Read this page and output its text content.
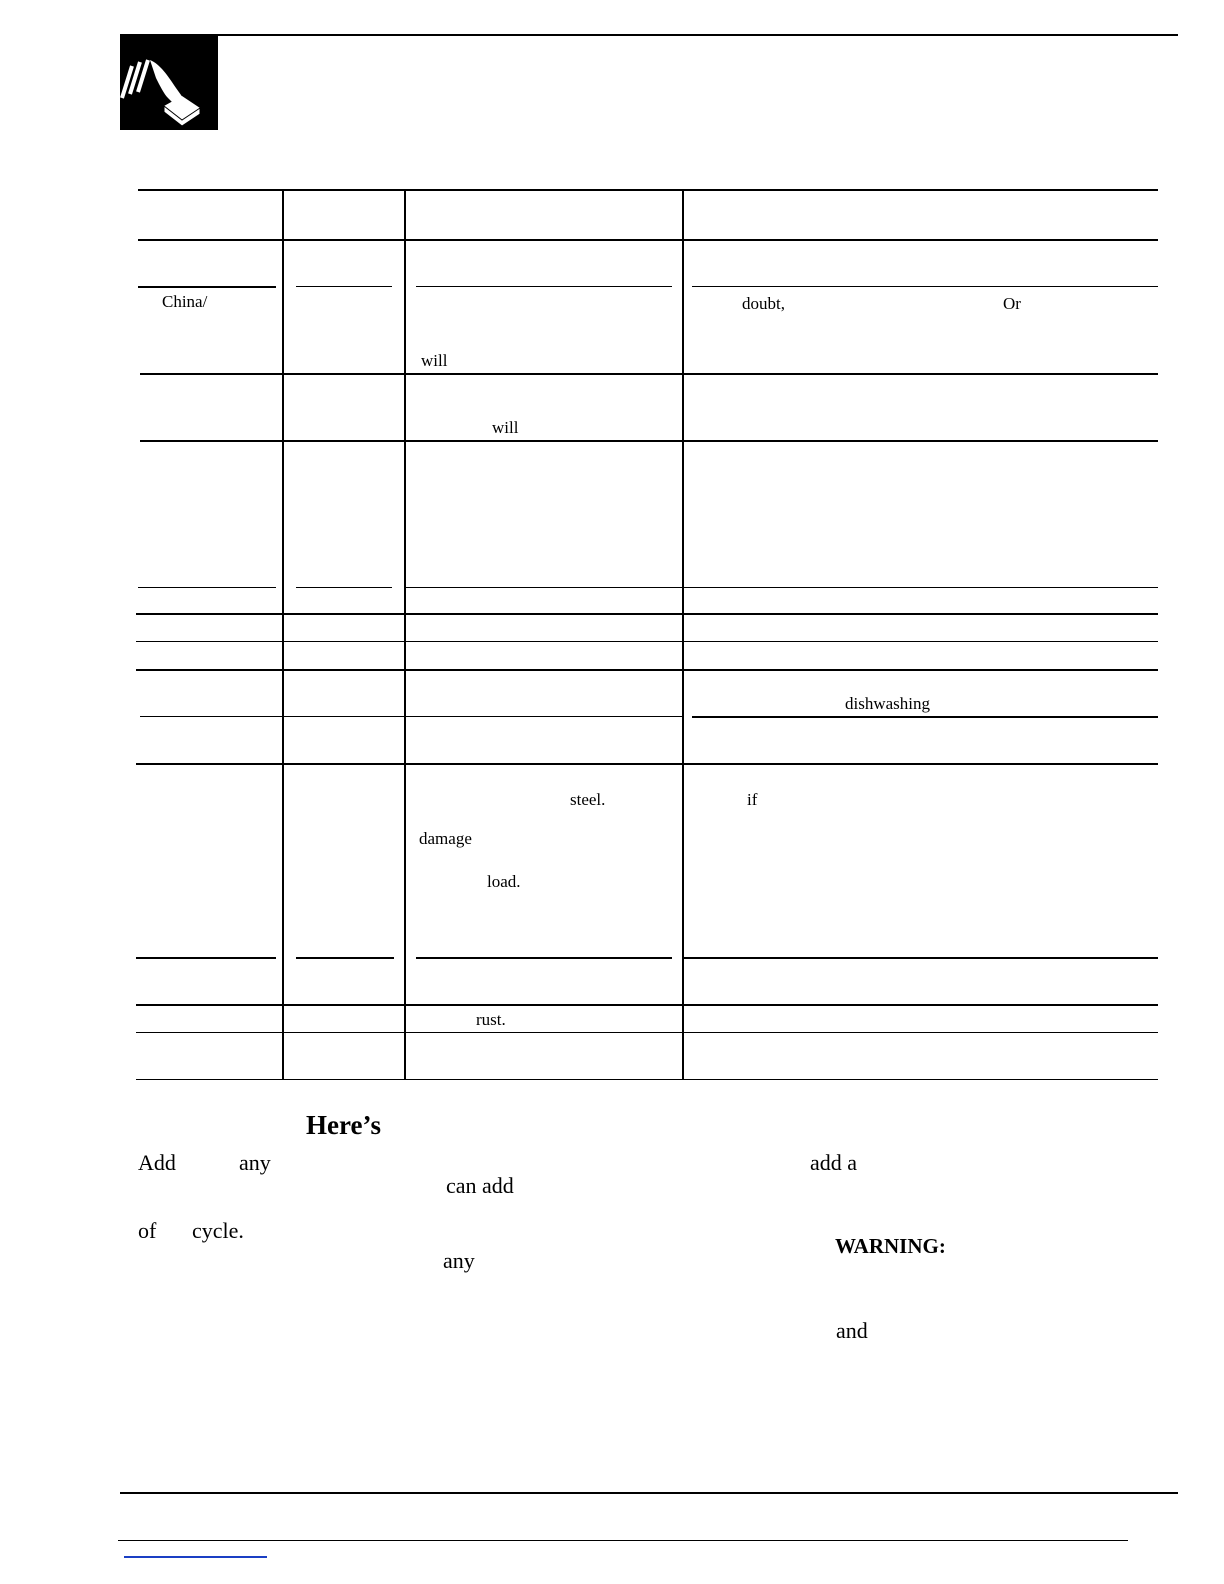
China/
will
will
doubt,	Or
dishwashing
steel.
damage
load.
if
rust.
Here’s
Add	any
can add
of cycle.
any
add a
WARNING:
and
